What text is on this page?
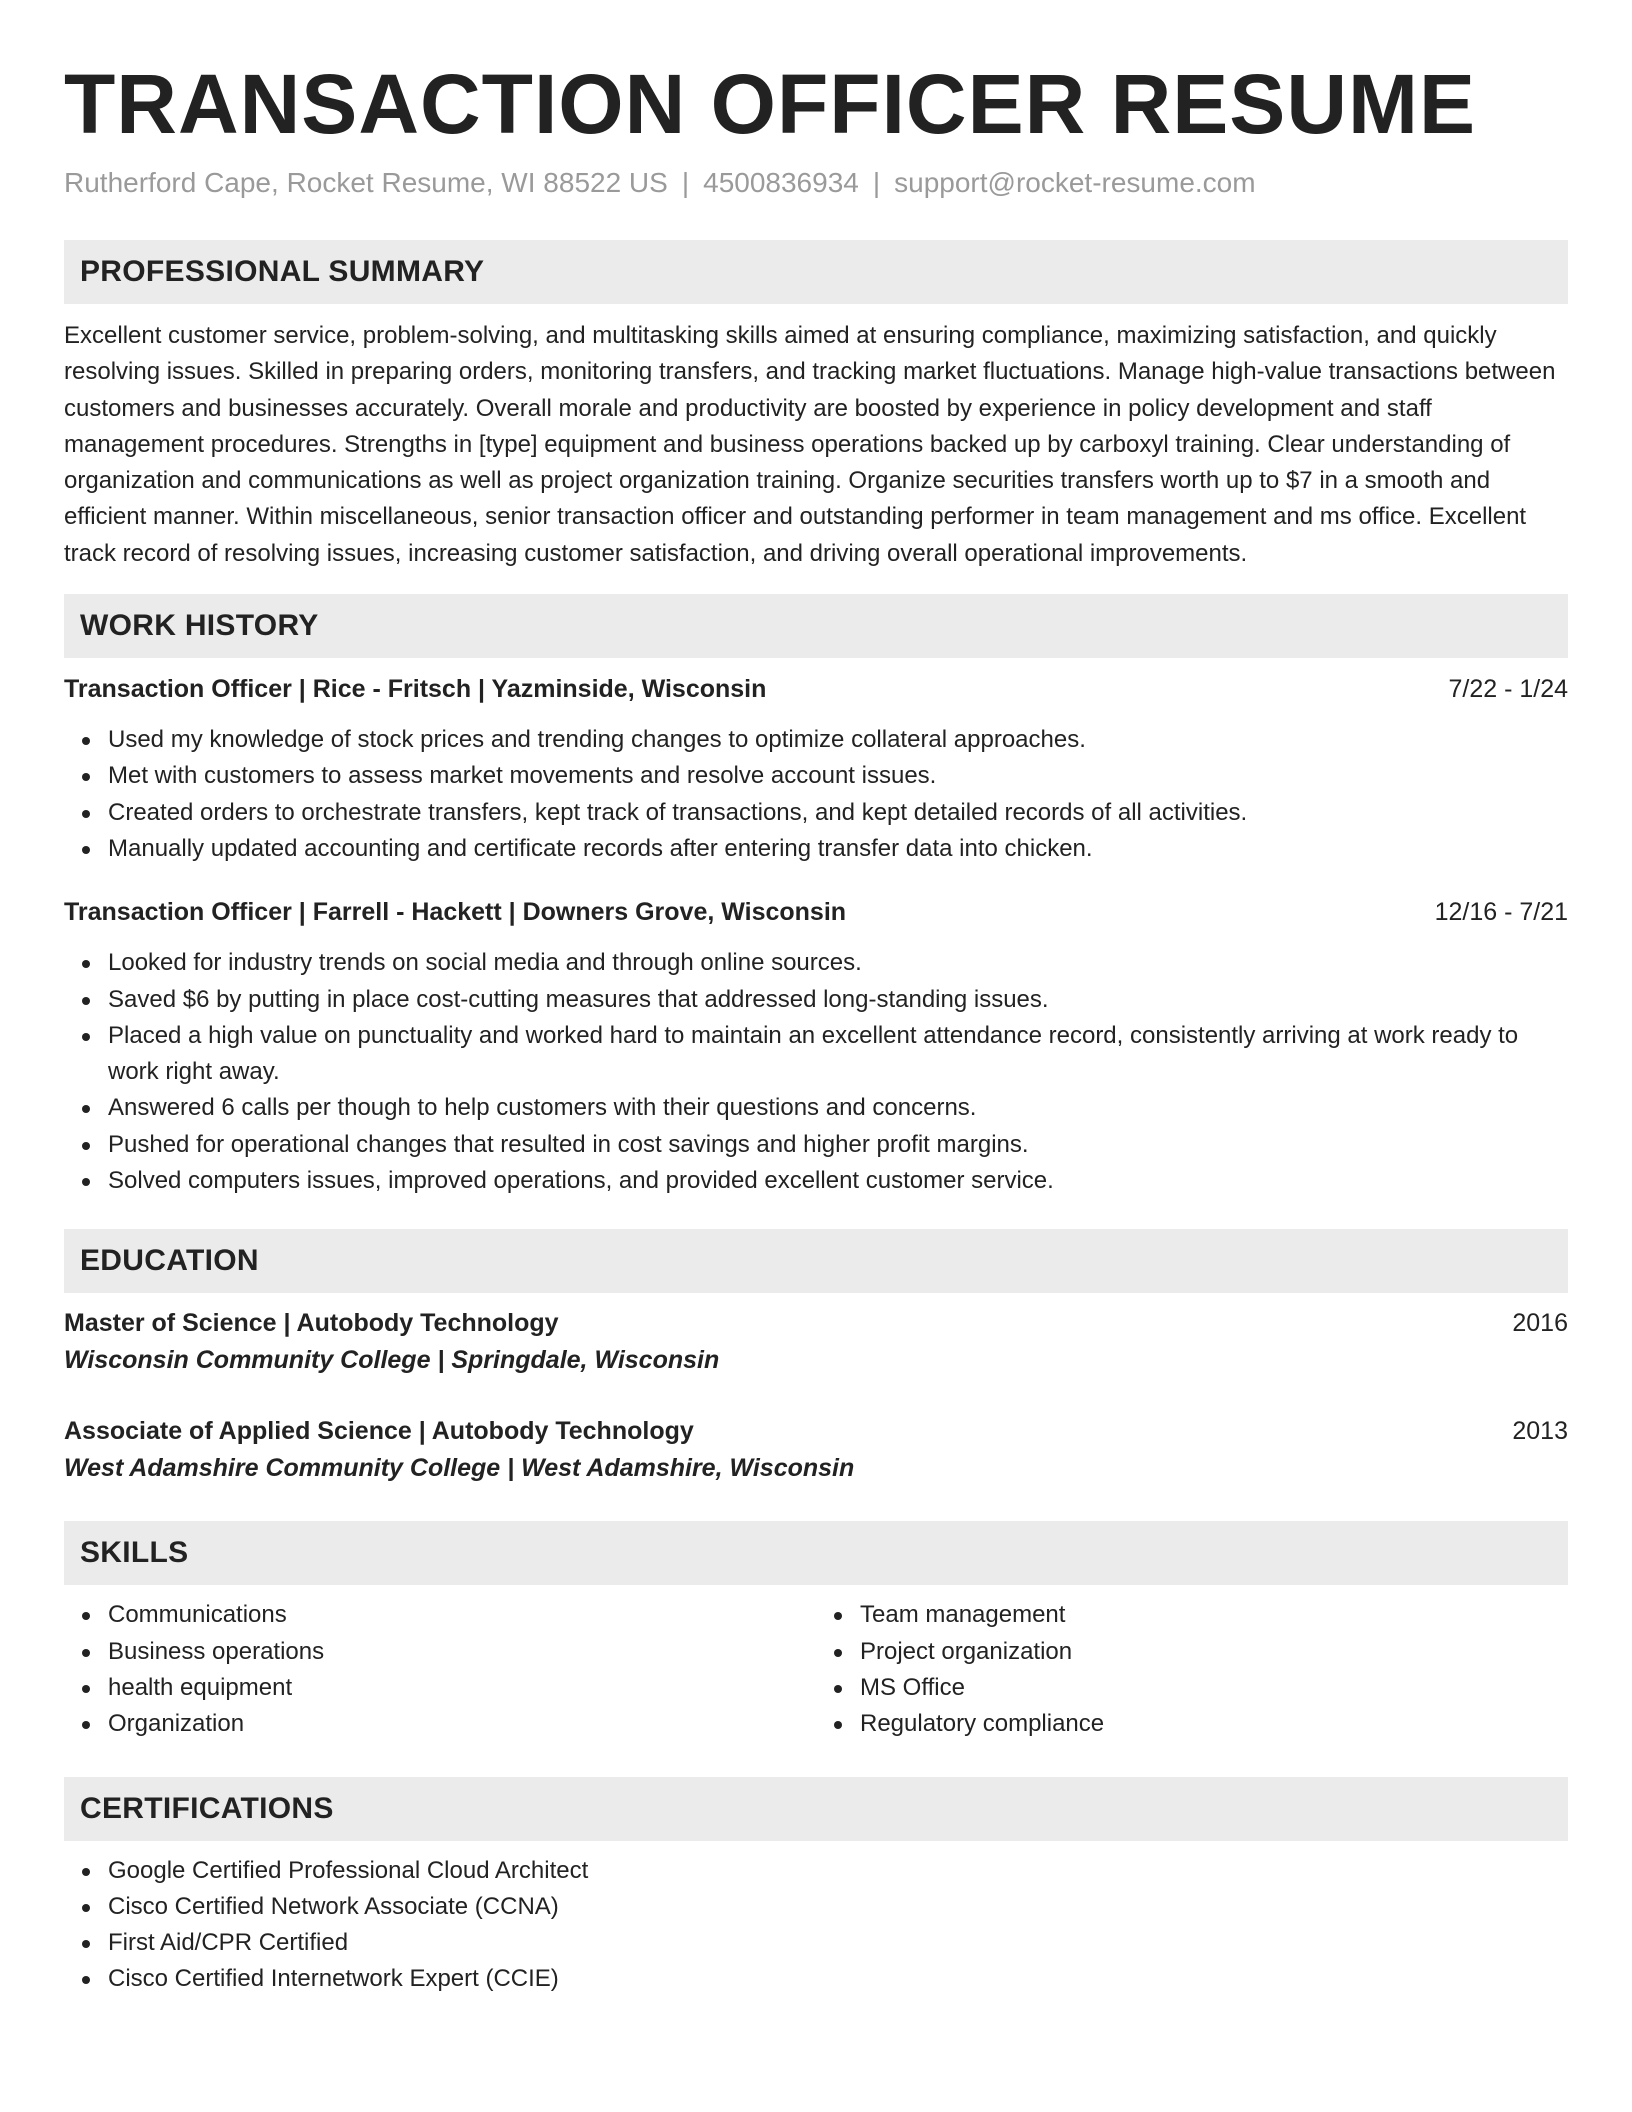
TRANSACTION OFFICER RESUME
Rutherford Cape, Rocket Resume, WI 88522 US | 4500836934 | support@rocket-resume.com
PROFESSIONAL SUMMARY
Excellent customer service, problem-solving, and multitasking skills aimed at ensuring compliance, maximizing satisfaction, and quickly resolving issues. Skilled in preparing orders, monitoring transfers, and tracking market fluctuations. Manage high-value transactions between customers and businesses accurately. Overall morale and productivity are boosted by experience in policy development and staff management procedures. Strengths in [type] equipment and business operations backed up by carboxyl training. Clear understanding of organization and communications as well as project organization training. Organize securities transfers worth up to $7 in a smooth and efficient manner. Within miscellaneous, senior transaction officer and outstanding performer in team management and ms office. Excellent track record of resolving issues, increasing customer satisfaction, and driving overall operational improvements.
WORK HISTORY
Transaction Officer | Rice - Fritsch | Yazminside, Wisconsin	7/22 - 1/24
Used my knowledge of stock prices and trending changes to optimize collateral approaches.
Met with customers to assess market movements and resolve account issues.
Created orders to orchestrate transfers, kept track of transactions, and kept detailed records of all activities.
Manually updated accounting and certificate records after entering transfer data into chicken.
Transaction Officer | Farrell - Hackett | Downers Grove, Wisconsin	12/16 - 7/21
Looked for industry trends on social media and through online sources.
Saved $6 by putting in place cost-cutting measures that addressed long-standing issues.
Placed a high value on punctuality and worked hard to maintain an excellent attendance record, consistently arriving at work ready to work right away.
Answered 6 calls per though to help customers with their questions and concerns.
Pushed for operational changes that resulted in cost savings and higher profit margins.
Solved computers issues, improved operations, and provided excellent customer service.
EDUCATION
Master of Science | Autobody Technology	2016
Wisconsin Community College | Springdale, Wisconsin
Associate of Applied Science | Autobody Technology	2013
West Adamshire Community College | West Adamshire, Wisconsin
SKILLS
Communications
Business operations
health equipment
Organization
Team management
Project organization
MS Office
Regulatory compliance
CERTIFICATIONS
Google Certified Professional Cloud Architect
Cisco Certified Network Associate (CCNA)
First Aid/CPR Certified
Cisco Certified Internetwork Expert (CCIE)
